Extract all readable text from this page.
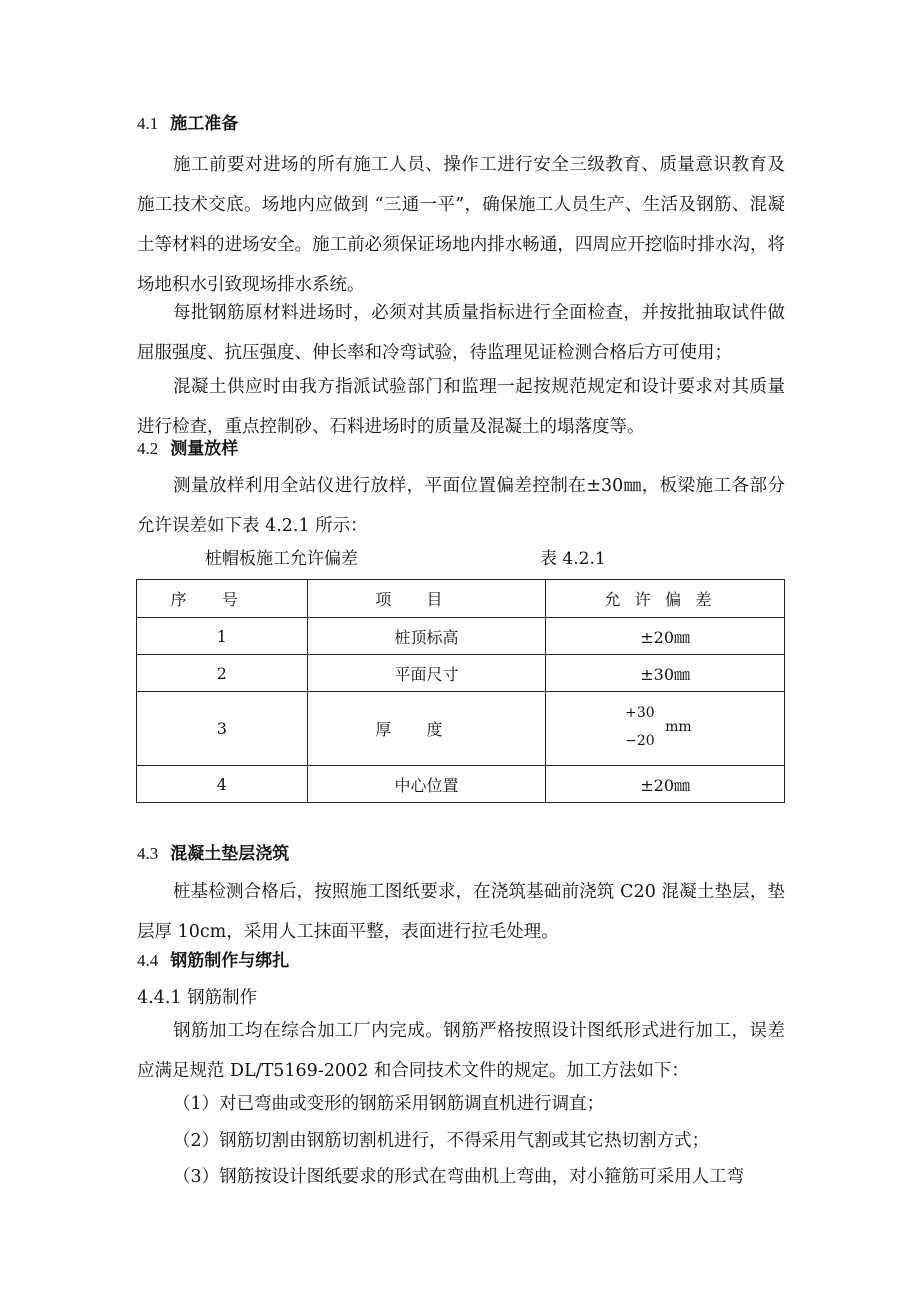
4.1 施工准备

施工前要对进场的所有施工人员、操作工进行安全三级教育、质量意识教育及施工技术交底。场地内应做到 “三通一平”，确保施工人员生产、生活及钢筋、混凝土等材料的进场安全。施工前必须保证场地内排水畅通，四周应开挖临时排水沟，将场地积水引致现场排水系统。

每批钢筋原材料进场时，必须对其质量指标进行全面检查，并按批抽取试件做屈服强度、抗压强度、伸长率和冷弯试验，待监理见证检测合格后方可使用；

混凝土供应时由我方指派试验部门和监理一起按规范规定和设计要求对其质量进行检查，重点控制砂、石料进场时的质量及混凝土的塌落度等。

4.2 测量放样

测量放样利用全站仪进行放样，平面位置偏差控制在±30㎜，板梁施工各部分允许误差如下表 4.2.1 所示：

桩帽板施工允许偏差	表 4.2.1
序号	项目	允许偏差
1	桩顶标高	±20㎜
2	平面尺寸	±30㎜
3	厚度	+30
mm
−20

4	中心位置	±20㎜
4.3 混凝土垫层浇筑

桩基检测合格后，按照施工图纸要求，在浇筑基础前浇筑 C20 混凝土垫层，垫层厚 10cm，采用人工抹面平整，表面进行拉毛处理。

4.4 钢筋制作与绑扎
4.4.1 钢筋制作

钢筋加工均在综合加工厂内完成。钢筋严格按照设计图纸形式进行加工，误差应满足规范 DL/T5169-2002 和合同技术文件的规定。加工方法如下：

（1）对已弯曲或变形的钢筋采用钢筋调直机进行调直；
（2）钢筋切割由钢筋切割机进行，不得采用气割或其它热切割方式；
（3）钢筋按设计图纸要求的形式在弯曲机上弯曲，对小箍筋可采用人工弯
